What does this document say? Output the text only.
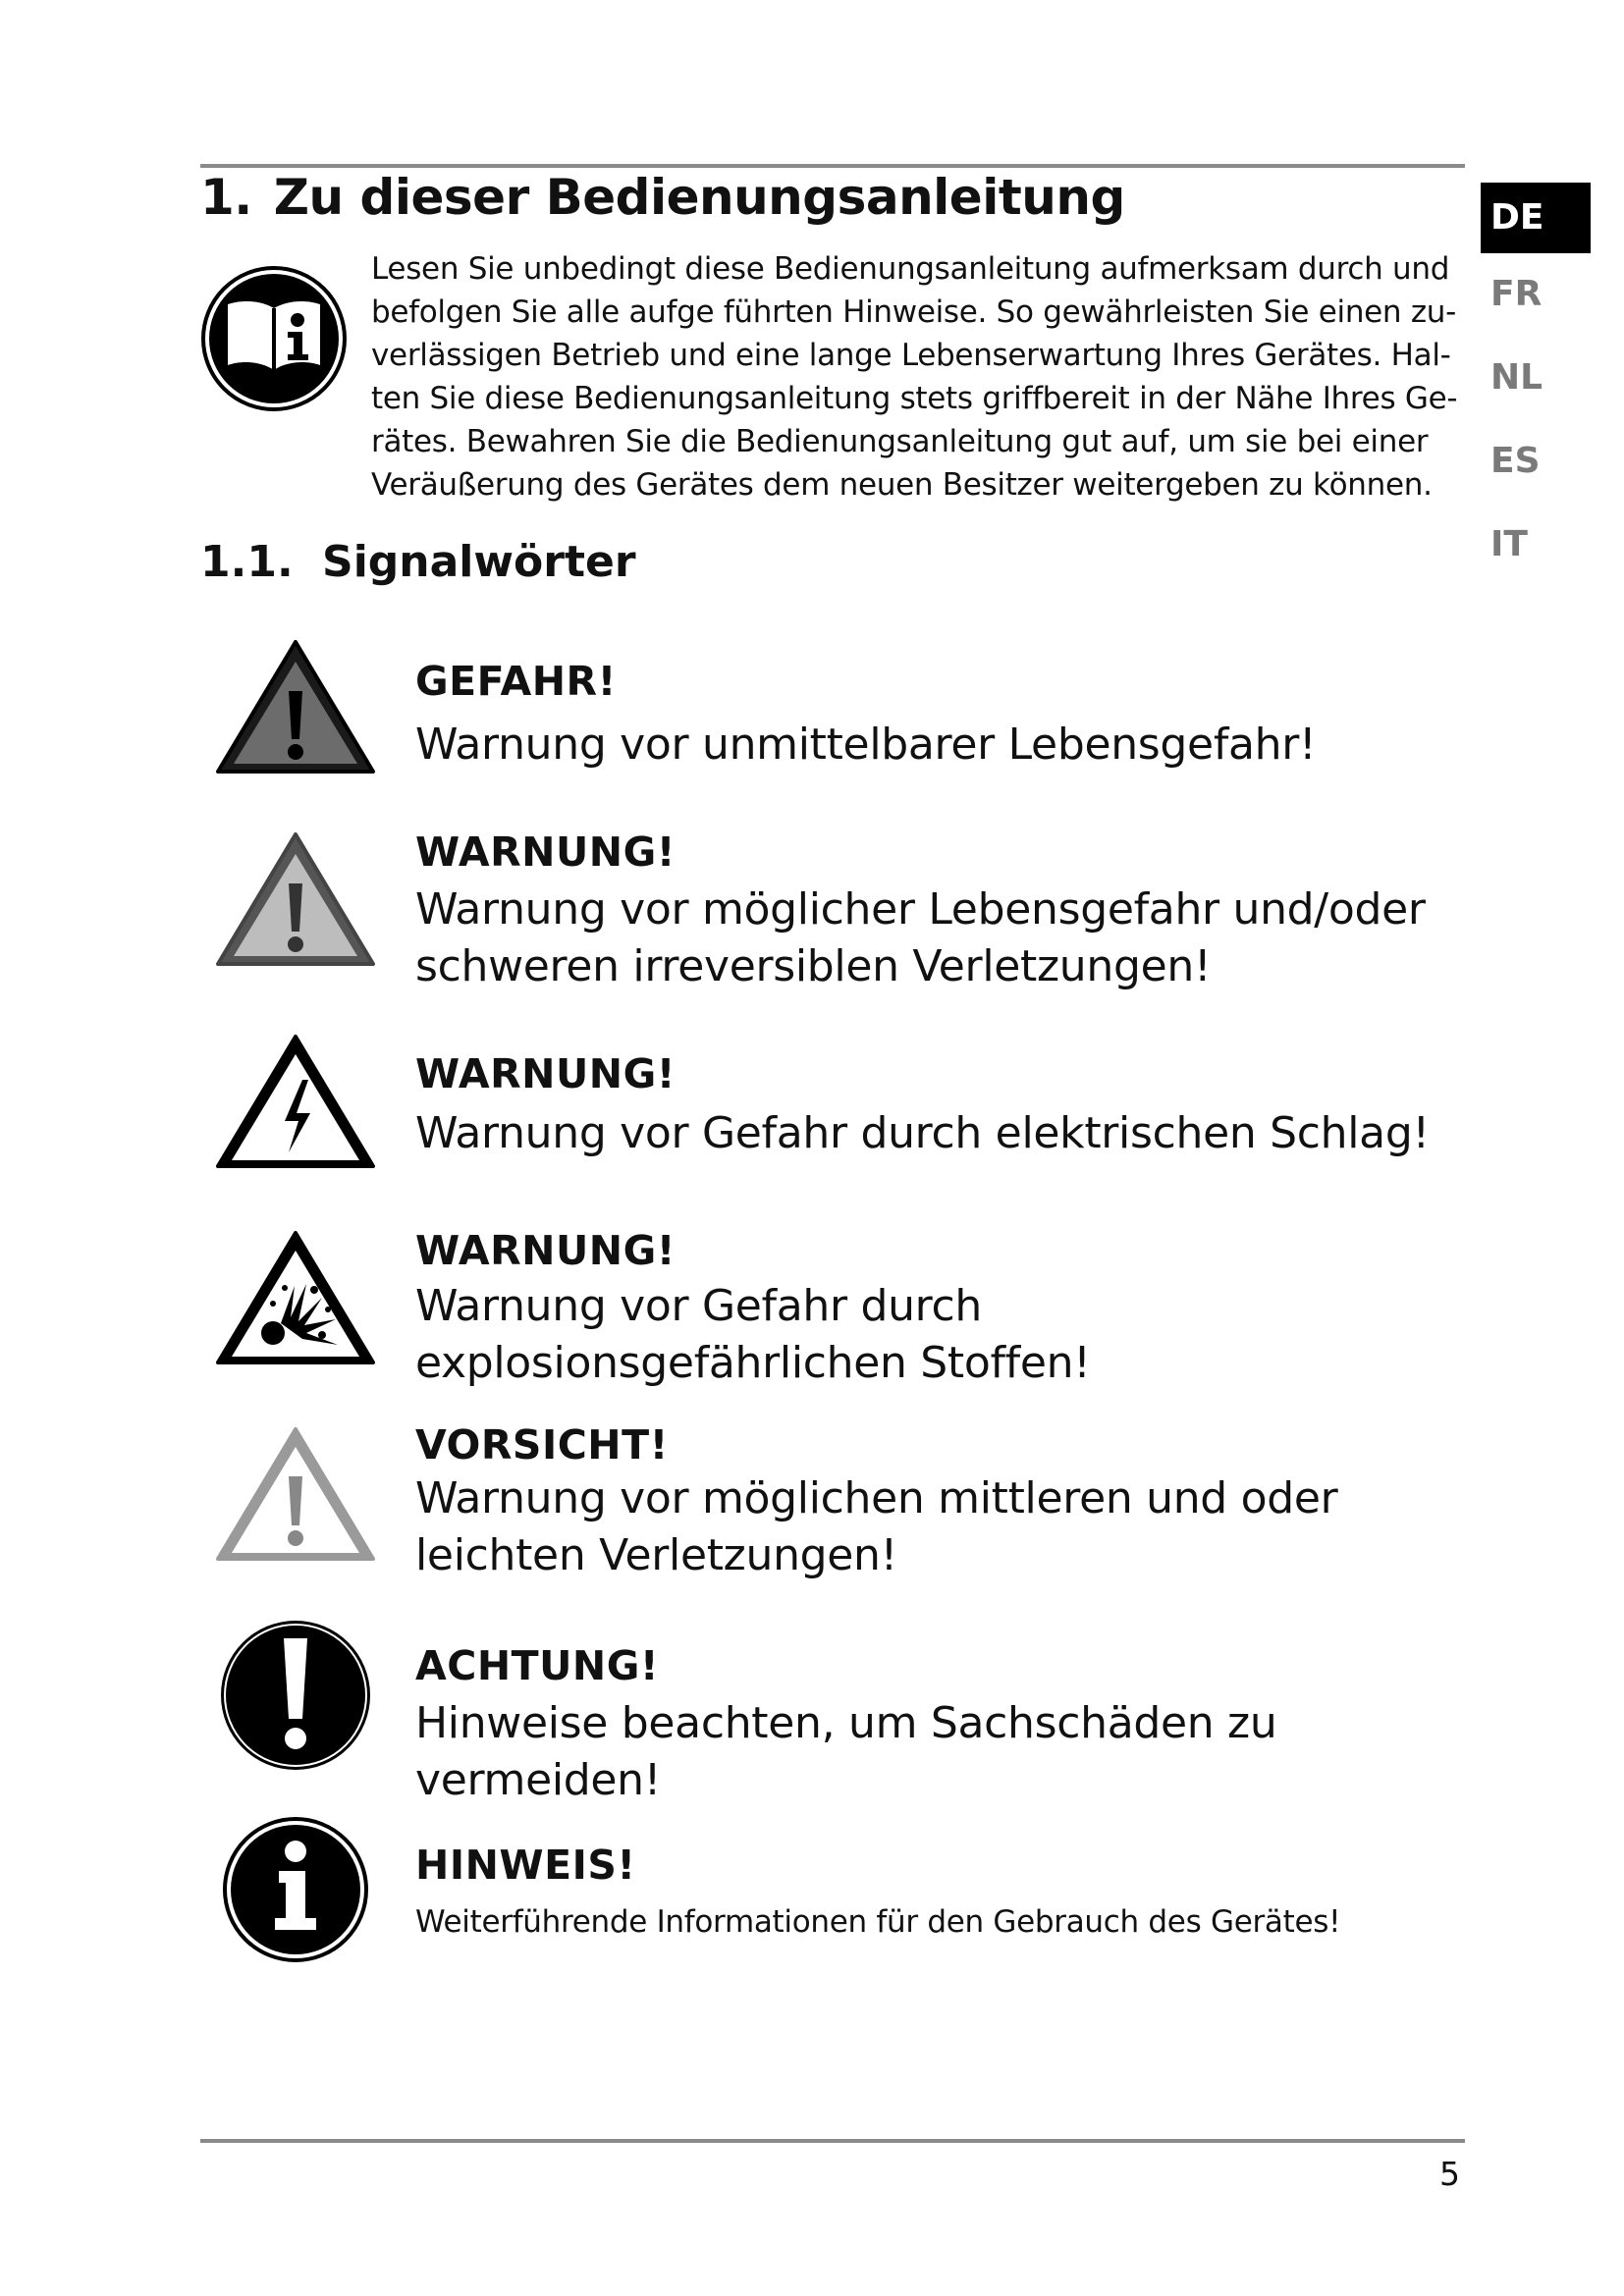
1. Zu dieser Bedienungsanleitung
Lesen Sie unbedingt diese Bedienungsanleitung aufmerksam durch und
befolgen Sie alle aufge führten Hinweise. So gewährleisten Sie einen zu-
verlässigen Betrieb und eine lange Lebenserwartung Ihres Gerätes. Hal-
ten Sie diese Bedienungsanleitung stets griffbereit in der Nähe Ihres Ge-
rätes. Bewahren Sie die Bedienungsanleitung gut auf, um sie bei einer
Veräußerung des Gerätes dem neuen Besitzer weitergeben zu können.
1.1. Signalwörter
DE
FR
NL
ES
IT

GEFAHR!

Warnung vor unmittelbarer Lebensgefahr!

WARNUNG!

Warnung vor möglicher Lebensgefahr und/oder schweren irreversiblen Verletzungen!

WARNUNG!

Warnung vor Gefahr durch elektrischen Schlag!

WARNUNG!

Warnung vor Gefahr durch explosionsgefährlichen Stoffen!

VORSICHT!

Warnung vor möglichen mittleren und oder leichten Verletzungen!

ACHTUNG!

Hinweise beachten, um Sachschäden zu vermeiden!

HINWEIS!

Weiterführende Informationen für den Gebrauch des Gerätes!

5
